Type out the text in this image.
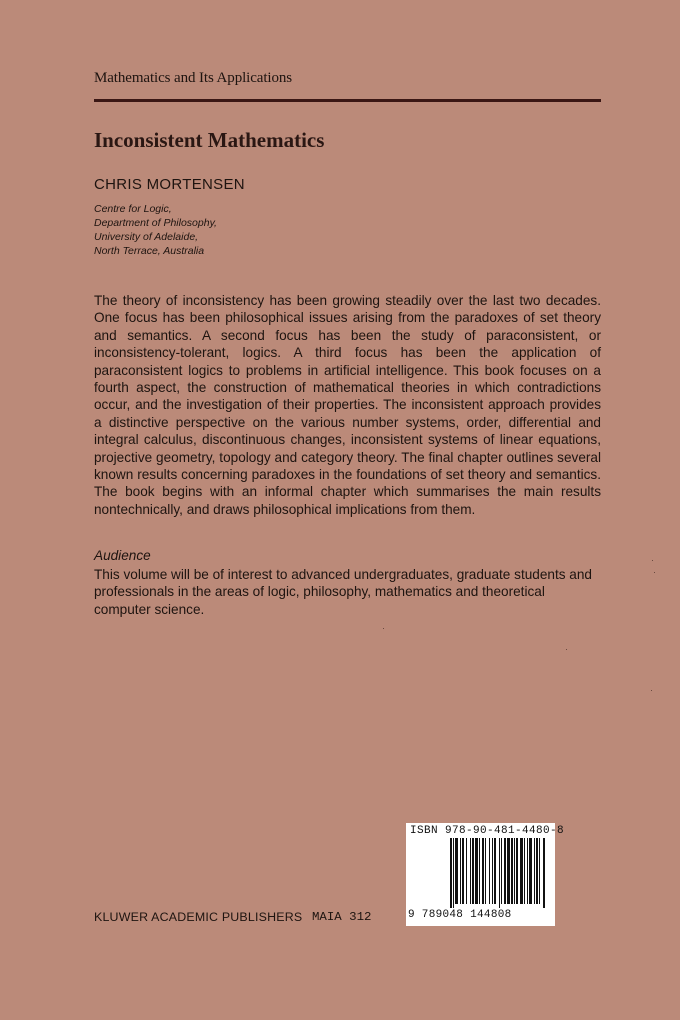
Mathematics and Its Applications
Inconsistent Mathematics
CHRIS MORTENSEN
Centre for Logic,
Department of Philosophy,
University of Adelaide,
North Terrace, Australia

The theory of inconsistency has been growing steadily over the last two decades. One focus has been philosophical issues arising from the paradoxes of set theory and semantics. A second focus has been the study of paraconsistent, or inconsistency-tolerant, logics. A third focus has been the application of paraconsistent logics to problems in artificial intelligence. This book focuses on a fourth aspect, the construction of mathematical theories in which contradictions occur, and the investigation of their properties. The inconsistent approach provides a distinctive perspective on the various number systems, order, differential and integral calculus, discontinuous changes, inconsistent systems of linear equations, projective geometry, topology and category theory. The final chapter outlines several known results concerning paradoxes in the foundations of set theory and semantics. The book begins with an informal chapter which summarises the main results nontechnically, and draws philosophical implications from them.

Audience
This volume will be of interest to advanced undergraduates, graduate students and professionals in the areas of logic, philosophy, mathematics and theoretical computer science.
KLUWER ACADEMIC PUBLISHERS MAIA 312
ISBN 978-90-481-4480-8
9 789048 144808
